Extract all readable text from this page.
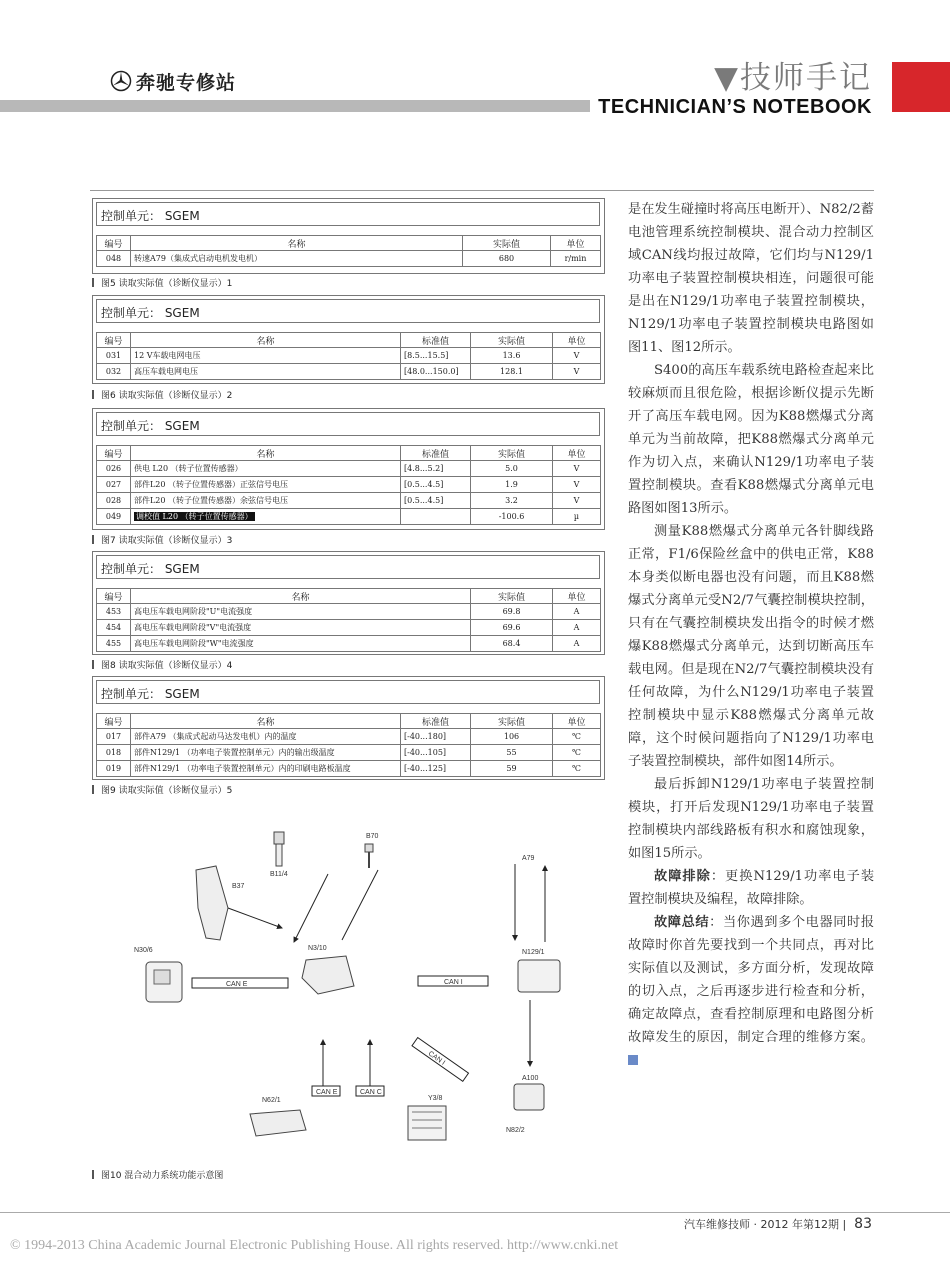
奔驰专修站	▼技师手记
TECHNICIAN’S NOTEBOOK
控制单元： SGEM
编号	名称	实际值	单位
048	转速A79（集成式启动电机发电机）	680	r/min
图5 读取实际值（诊断仪显示）1
控制单元： SGEM
编号	名称	标准值	实际值	单位
031	12 V车载电网电压	[8.5...15.5]	13.6	V
032	高压车载电网电压	[48.0...150.0]	128.1	V
图6 读取实际值（诊断仪显示）2
控制单元： SGEM
编号	名称	标准值	实际值	单位
026	供电 L20 （转子位置传感器）	[4.8...5.2]	5.0	V
027	部件L20 （转子位置传感器）正弦信号电压	[0.5...4.5]	1.9	V
028	部件L20 （转子位置传感器）余弦信号电压	[0.5...4.5]	3.2	V
049	调校值 L20 （转子位置传感器）		-100.6	µ
图7 读取实际值（诊断仪显示）3
控制单元： SGEM
编号	名称	实际值	单位
453	高电压车载电网阶段"U"电流强度	69.8	A
454	高电压车载电网阶段"V"电流强度	69.6	A
455	高电压车载电网阶段"W"电流强度	68.4	A
图8 读取实际值（诊断仪显示）4
控制单元： SGEM
编号	名称	标准值	实际值	单位
017	部件A79 （集成式起动马达发电机）内的温度	[-40...180]	106	℃
018	部件N129/1 （功率电子装置控制单元）内的输出级温度	[-40...105]	55	℃
019	部件N129/1 （功率电子装置控制单元）内的印刷电路板温度	[-40...125]	59	℃
图9 读取实际值（诊断仪显示）5
B11/4
B70
B37
A79
N30/6	N3/10
CAN E	CAN I
N129/1
A100
N82/2
CAN I
CAN E	CAN C
N62/1	Y3/8
图10 混合动力系统功能示意图

是在发生碰撞时将高压电断开）、N82/2蓄电池管理系统控制模块、混合动力控制区域CAN线均报过故障，它们均与N129/1功率电子装置控制模块相连，问题很可能是出在N129/1功率电子装置控制模块，N129/1功率电子装置控制模块电路图如图11、图12所示。

S400的高压车载系统电路检查起来比较麻烦而且很危险，根据诊断仪提示先断开了高压车载电网。因为K88燃爆式分离单元为当前故障，把K88燃爆式分离单元作为切入点，来确认N129/1功率电子装置控制模块。查看K88燃爆式分离单元电路图如图13所示。

测量K88燃爆式分离单元各针脚线路正常，F1/6保险丝盒中的供电正常，K88本身类似断电器也没有问题，而且K88燃爆式分离单元受N2/7气囊控制模块控制，只有在气囊控制模块发出指令的时候才燃爆K88燃爆式分离单元，达到切断高压车载电网。但是现在N2/7气囊控制模块没有任何故障，为什么N129/1功率电子装置控制模块中显示K88燃爆式分离单元故障，这个时候问题指向了N129/1功率电子装置控制模块，部件如图14所示。

最后拆卸N129/1功率电子装置控制模块，打开后发现N129/1功率电子装置控制模块内部线路板有积水和腐蚀现象，如图15所示。

故障排除：更换N129/1功率电子装置控制模块及编程，故障排除。

故障总结：当你遇到多个电器同时报故障时你首先要找到一个共同点，再对比实际值以及测试，多方面分析，发现故障的切入点，之后再逐步进行检查和分析，确定故障点，查看控制原理和电路图分析故障发生的原因，制定合理的维修方案。

汽车维修技师 · 2012 年第12期 | 83
© 1994-2013 China Academic Journal Electronic Publishing House. All rights reserved. http://www.cnki.net
